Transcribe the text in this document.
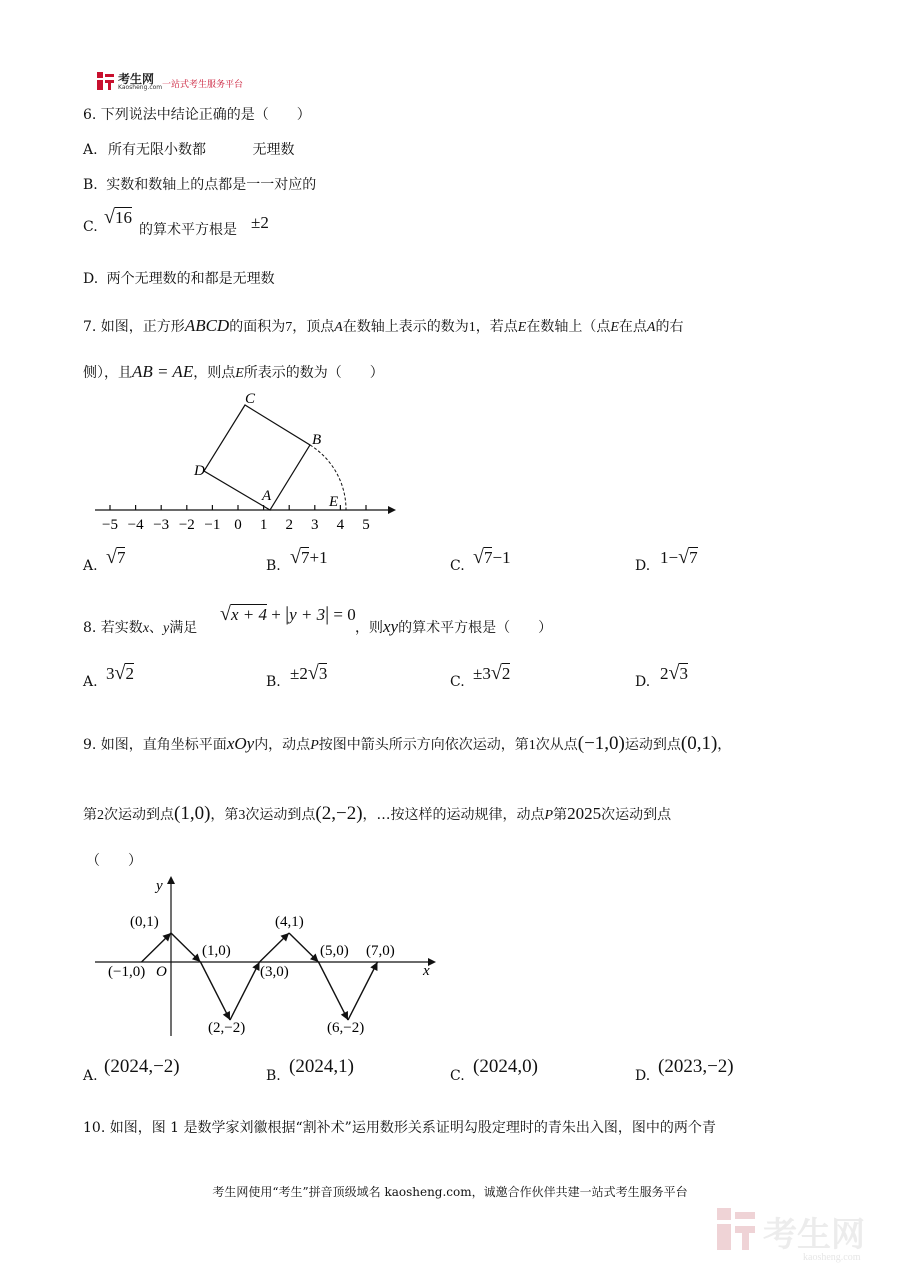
考生网
Kaosheng.com 一站式考生服务平台
6. 下列说法中结论正确的是（　　）
A. 所有无限小数都	无理数
B. 实数和数轴上的点都是一一对应的
C. √16
的算术平方根是 ±2
D. 两个无理数的和都是无理数
7. 如图，正方形ABCD的面积为7，顶点A在数轴上表示的数为1，若点E在数轴上（点E在点A的右
侧），且AB = AE，则点E所表示的数为（　　）
−5 −4 −3 −2 −1 0 1 2 3 4 5
C
B
D
A	E
A. √7	B. √7+1	C. √7−1	D. 1−√7
8. 若实数x、y满足
√x + 4 + |y + 3| = 0
，则xy的算术平方根是（　　）
A. 3√2	B. ±2√3	C. ±3√2	D. 2√3
9. 如图，直角坐标平面xOy内，动点P按图中箭头所示方向依次运动，第1次从点(−1,0)运动到点(0,1)，
第2次运动到点(1,0)，第3次运动到点(2,−2)，…按这样的运动规律，动点P第2025次运动到点
（　　）
y
x
O
(0,1)
(1,0)
(−1,0)
(2,−2)
(3,0)
(4,1)
(5,0) (7,0)
(6,−2)
A. (2024,−2)	B. (2024,1)	C. (2024,0)	D. (2023,−2)
10. 如图，图 1 是数学家刘徽根据“割补术”运用数形关系证明勾股定理时的青朱出入图，图中的两个青
考生网使用“考生”拼音顶级域名 kaosheng.com，诚邀合作伙伴共建一站式考生服务平台
考生网
kaosheng.com
